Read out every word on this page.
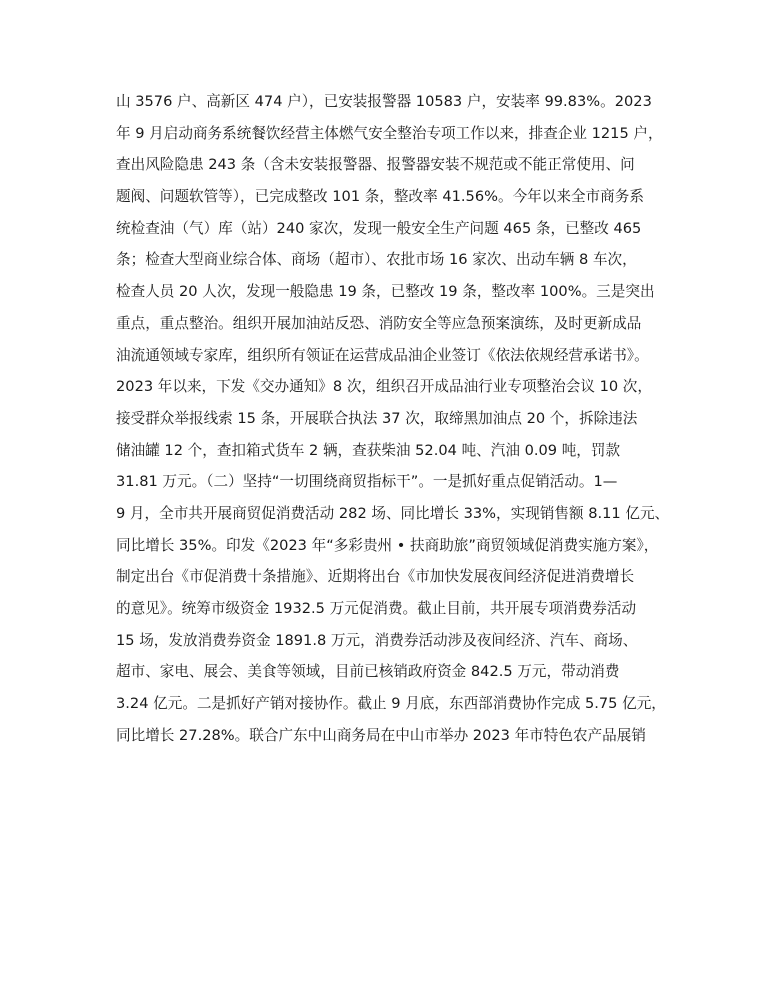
山 3576 户、高新区 474 户），已安装报警器 10583 户，安装率 99.83%。2023
年 9 月启动商务系统餐饮经营主体燃气安全整治专项工作以来，排查企业 1215 户，
查出风险隐患 243 条（含未安装报警器、报警器安装不规范或不能正常使用、问
题阀、问题软管等），已完成整改 101 条，整改率 41.56%。今年以来全市商务系
统检查油（气）库（站）240 家次，发现一般安全生产问题 465 条，已整改 465
条；检查大型商业综合体、商场（超市）、农批市场 16 家次、出动车辆 8 车次，
检查人员 20 人次，发现一般隐患 19 条，已整改 19 条，整改率 100%。三是突出
重点，重点整治。组织开展加油站反恐、消防安全等应急预案演练，及时更新成品
油流通领域专家库，组织所有领证在运营成品油企业签订《依法依规经营承诺书》。
2023 年以来，下发《交办通知》8 次，组织召开成品油行业专项整治会议 10 次，
接受群众举报线索 15 条，开展联合执法 37 次，取缔黑加油点 20 个，拆除违法
储油罐 12 个，查扣箱式货车 2 辆，查获柴油 52.04 吨、汽油 0.09 吨，罚款
31.81 万元。（二）坚持“一切围绕商贸指标干”。一是抓好重点促销活动。1—
9 月，全市共开展商贸促消费活动 282 场、同比增长 33%，实现销售额 8.11 亿元、
同比增长 35%。印发《2023 年“多彩贵州 • 扶商助旅”商贸领域促消费实施方案》，
制定出台《市促消费十条措施》、近期将出台《市加快发展夜间经济促进消费增长
的意见》。统筹市级资金 1932.5 万元促消费。截止目前，共开展专项消费券活动
15 场，发放消费券资金 1891.8 万元，消费券活动涉及夜间经济、汽车、商场、
超市、家电、展会、美食等领域，目前已核销政府资金 842.5 万元，带动消费
3.24 亿元。二是抓好产销对接协作。截止 9 月底，东西部消费协作完成 5.75 亿元，
同比增长 27.28%。联合广东中山商务局在中山市举办 2023 年市特色农产品展销
